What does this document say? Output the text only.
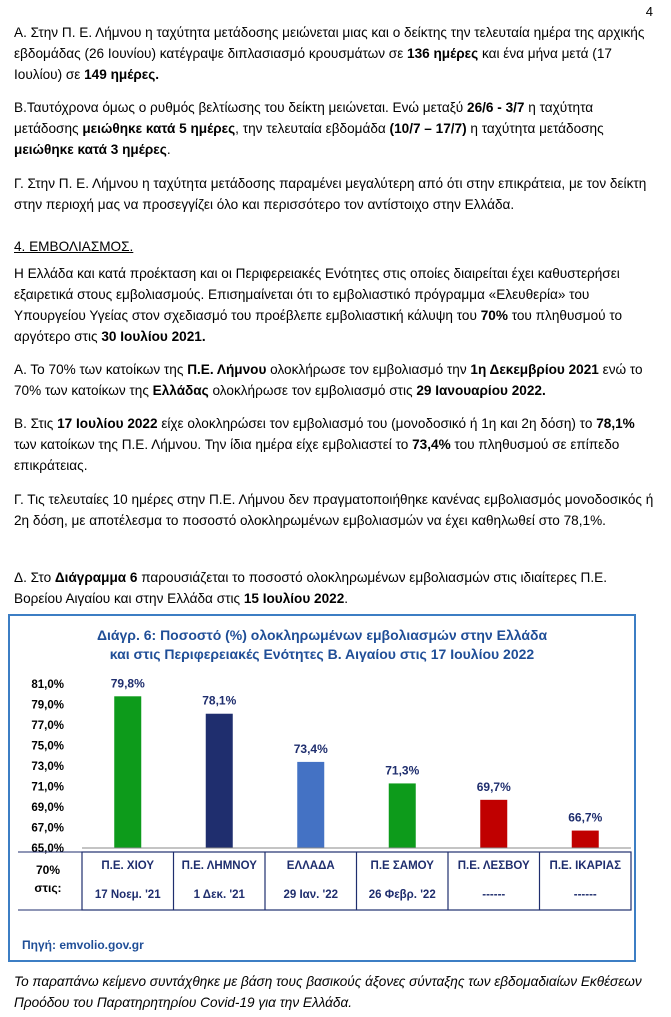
4
Α. Στην Π. Ε. Λήμνου η ταχύτητα μετάδοσης μειώνεται μιας και ο δείκτης την τελευταία ημέρα της αρχικής εβδομάδας (26 Ιουνίου) κατέγραψε διπλασιασμό κρουσμάτων σε 136 ημέρες και ένα μήνα μετά (17 Ιουλίου) σε 149 ημέρες.
Β.Ταυτόχρονα όμως ο ρυθμός βελτίωσης του δείκτη μειώνεται. Ενώ μεταξύ 26/6 - 3/7 η ταχύτητα μετάδοσης μειώθηκε κατά 5 ημέρες, την τελευταία εβδομάδα (10/7 – 17/7) η ταχύτητα μετάδοσης μειώθηκε κατά 3 ημέρες.
Γ. Στην Π. Ε. Λήμνου η ταχύτητα μετάδοσης παραμένει μεγαλύτερη από ότι στην επικράτεια, με τον δείκτη στην περιοχή μας να προσεγγίζει όλο και περισσότερο τον αντίστοιχο στην Ελλάδα.
4. ΕΜΒΟΛΙΑΣΜΟΣ.
Η Ελλάδα και κατά προέκταση και οι Περιφερειακές Ενότητες στις οποίες διαιρείται έχει καθυστερήσει εξαιρετικά στους εμβολιασμούς. Επισημαίνεται ότι το εμβολιαστικό πρόγραμμα «Ελευθερία» του Υπουργείου Υγείας στον σχεδιασμό του προέβλεπε εμβολιαστική κάλυψη του 70% του πληθυσμού το αργότερο στις 30 Ιουλίου 2021.
Α. Το 70% των κατοίκων της Π.Ε. Λήμνου ολοκλήρωσε τον εμβολιασμό την 1η Δεκεμβρίου 2021 ενώ το 70% των κατοίκων της Ελλάδας ολοκλήρωσε τον εμβολιασμό στις 29 Ιανουαρίου 2022.
Β. Στις 17 Ιουλίου 2022 είχε ολοκληρώσει τον εμβολιασμό του (μονοδοσικό ή 1η και 2η δόση) το 78,1% των κατοίκων της Π.Ε. Λήμνου. Την ίδια ημέρα είχε εμβολιαστεί το 73,4% του πληθυσμού σε επίπεδο επικράτειας.
Γ. Τις τελευταίες 10 ημέρες στην Π.Ε. Λήμνου δεν πραγματοποιήθηκε κανένας εμβολιασμός μονοδοσικός ή 2η δόση, με αποτέλεσμα το ποσοστό ολοκληρωμένων εμβολιασμών να έχει καθηλωθεί στο 78,1%.
Δ. Στο Διάγραμμα 6 παρουσιάζεται το ποσοστό ολοκληρωμένων εμβολιασμών στις ιδιαίτερες Π.Ε. Βορείου Αιγαίου και στην Ελλάδα στις 15 Ιουλίου 2022.
Διάγρ. 6: Ποσοστό (%) ολοκληρωμένων εμβολιασμών στην Ελλάδα
και στις Περιφερειακές Ενότητες Β. Αιγαίου στις 17 Ιουλίου 2022
81,0%
79,0%
77,0%
75,0%
73,0%
71,0%
69,0%
67,0%
65,0%
79,8%
78,1%
73,4%
71,3%
69,7%
66,7%
70%
στις:
Π.Ε. ΧΙΟΥ
17 Νοεμ. '21
Π.Ε. ΛΗΜΝΟΥ
1 Δεκ. '21
ΕΛΛΑΔΑ
29 Ιαν. '22
Π.Ε ΣΑΜΟΥ
26 Φεβρ. '22
Π.Ε. ΛΕΣΒΟΥ
------
Π.Ε. ΙΚΑΡΙΑΣ
------
Πηγή: emvolio.gov.gr
Το παραπάνω κείμενο συντάχθηκε με βάση τους βασικούς άξονες σύνταξης των εβδομαδιαίων Εκθέσεων Προόδου του Παρατηρητηρίου Covid-19 για την Ελλάδα.
